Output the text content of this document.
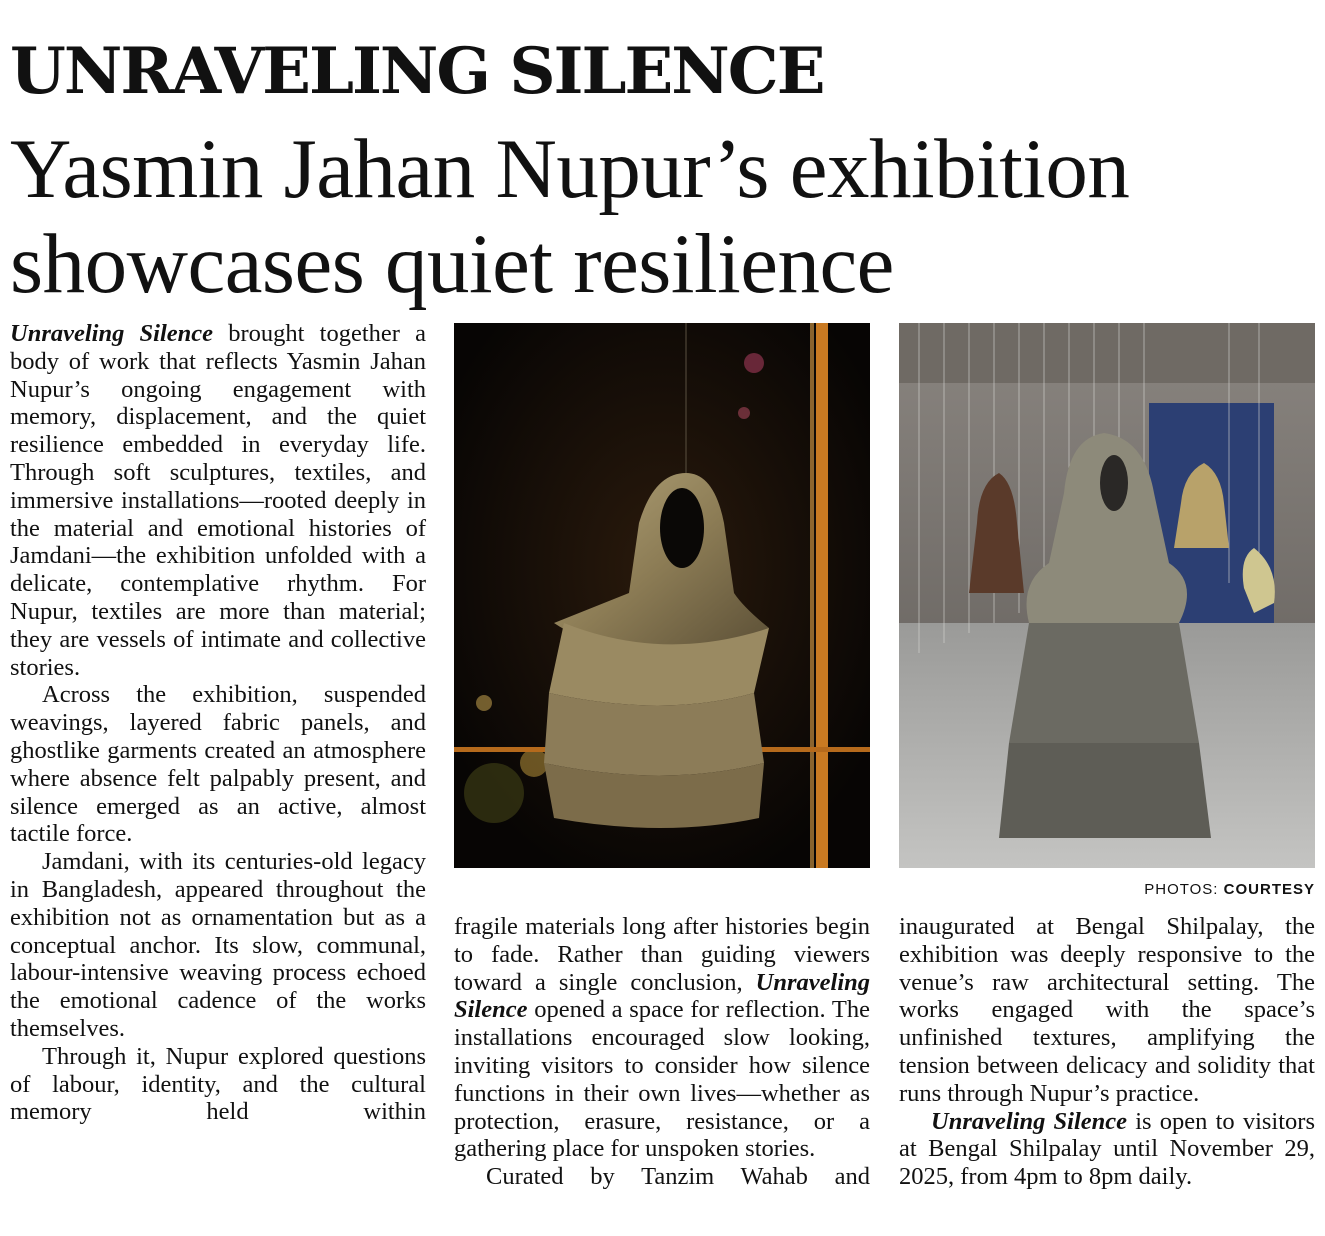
UNRAVELING SILENCE
Yasmin Jahan Nupur’s exhibition showcases quiet resilience

Unraveling Silence brought together a body of work that reflects Yasmin Jahan Nupur’s ongoing engagement with memory, displacement, and the quiet resilience embedded in everyday life. Through soft sculptures, textiles, and immersive installations—rooted deeply in the material and emotional histories of Jamdani—the exhibition unfolded with a delicate, contemplative rhythm. For Nupur, textiles are more than material; they are vessels of intimate and collective stories.

Across the exhibition, suspended weavings, layered fabric panels, and ghostlike garments created an atmosphere where absence felt palpably present, and silence emerged as an active, almost tactile force.

Jamdani, with its centuries-old legacy in Bangladesh, appeared throughout the exhibition not as ornamentation but as a conceptual anchor. Its slow, communal, labour-intensive weaving process echoed the emotional cadence of the works themselves.

Through it, Nupur explored questions of labour, identity, and the cultural memory held within

PHOTOS: COURTESY

fragile materials long after histories begin to fade. Rather than guiding viewers toward a single conclusion, Unraveling Silence opened a space for reflection. The installations encouraged slow looking, inviting visitors to consider how silence functions in their own lives—whether as protection, erasure, resistance, or a gathering place for unspoken stories.

Curated by Tanzim Wahab and

inaugurated at Bengal Shilpalay, the exhibition was deeply responsive to the venue’s raw architectural setting. The works engaged with the space’s unfinished textures, amplifying the tension between delicacy and solidity that runs through Nupur’s practice.

Unraveling Silence is open to visitors at Bengal Shilpalay until November 29, 2025, from 4pm to 8pm daily.
